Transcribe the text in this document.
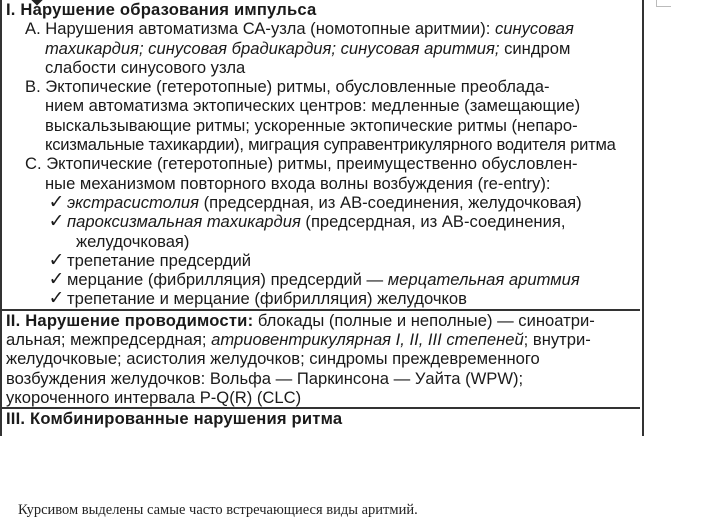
I. Нарушение образования импульса
А. Нарушения автоматизма СА-узла (номотопные аритмии): синусовая
тахикардия; синусовая брадикардия; синусовая аритмия; синдром
слабости синусового узла
B. Эктопические (гетеротопные) ритмы, обусловленные преоблада-
нием автоматизма эктопических центров: медленные (замещающие)
выскальзывающие ритмы; ускоренные эктопические ритмы (непаро-
ксизмальные тахикардии), миграция суправентрикулярного водителя ритма
C. Эктопические (гетеротопные) ритмы, преимущественно обусловлен-
ные механизмом повторного входа волны возбуждения (re-entry):
✓ экстрасистолия (предсердная, из АВ-соединения, желудочковая)
✓ пароксизмальная тахикардия (предсердная, из АВ-соединения,
желудочковая)
✓ трепетание предсердий
✓ мерцание (фибрилляция) предсердий — мерцательная аритмия
✓ трепетание и мерцание (фибрилляция) желудочков
II. Нарушение проводимости: блокады (полные и неполные) — синоатри-
альная; межпредсердная; атриовентрикулярная I, II, III степеней; внутри-
желудочковые; асистолия желудочков; синдромы преждевременного
возбуждения желудочков: Вольфа — Паркинсона — Уайта (WPW);
укороченного интервала P-Q(R) (CLC)
III. Комбинированные нарушения ритма
Курсивом выделены самые часто встречающиеся виды аритмий.
